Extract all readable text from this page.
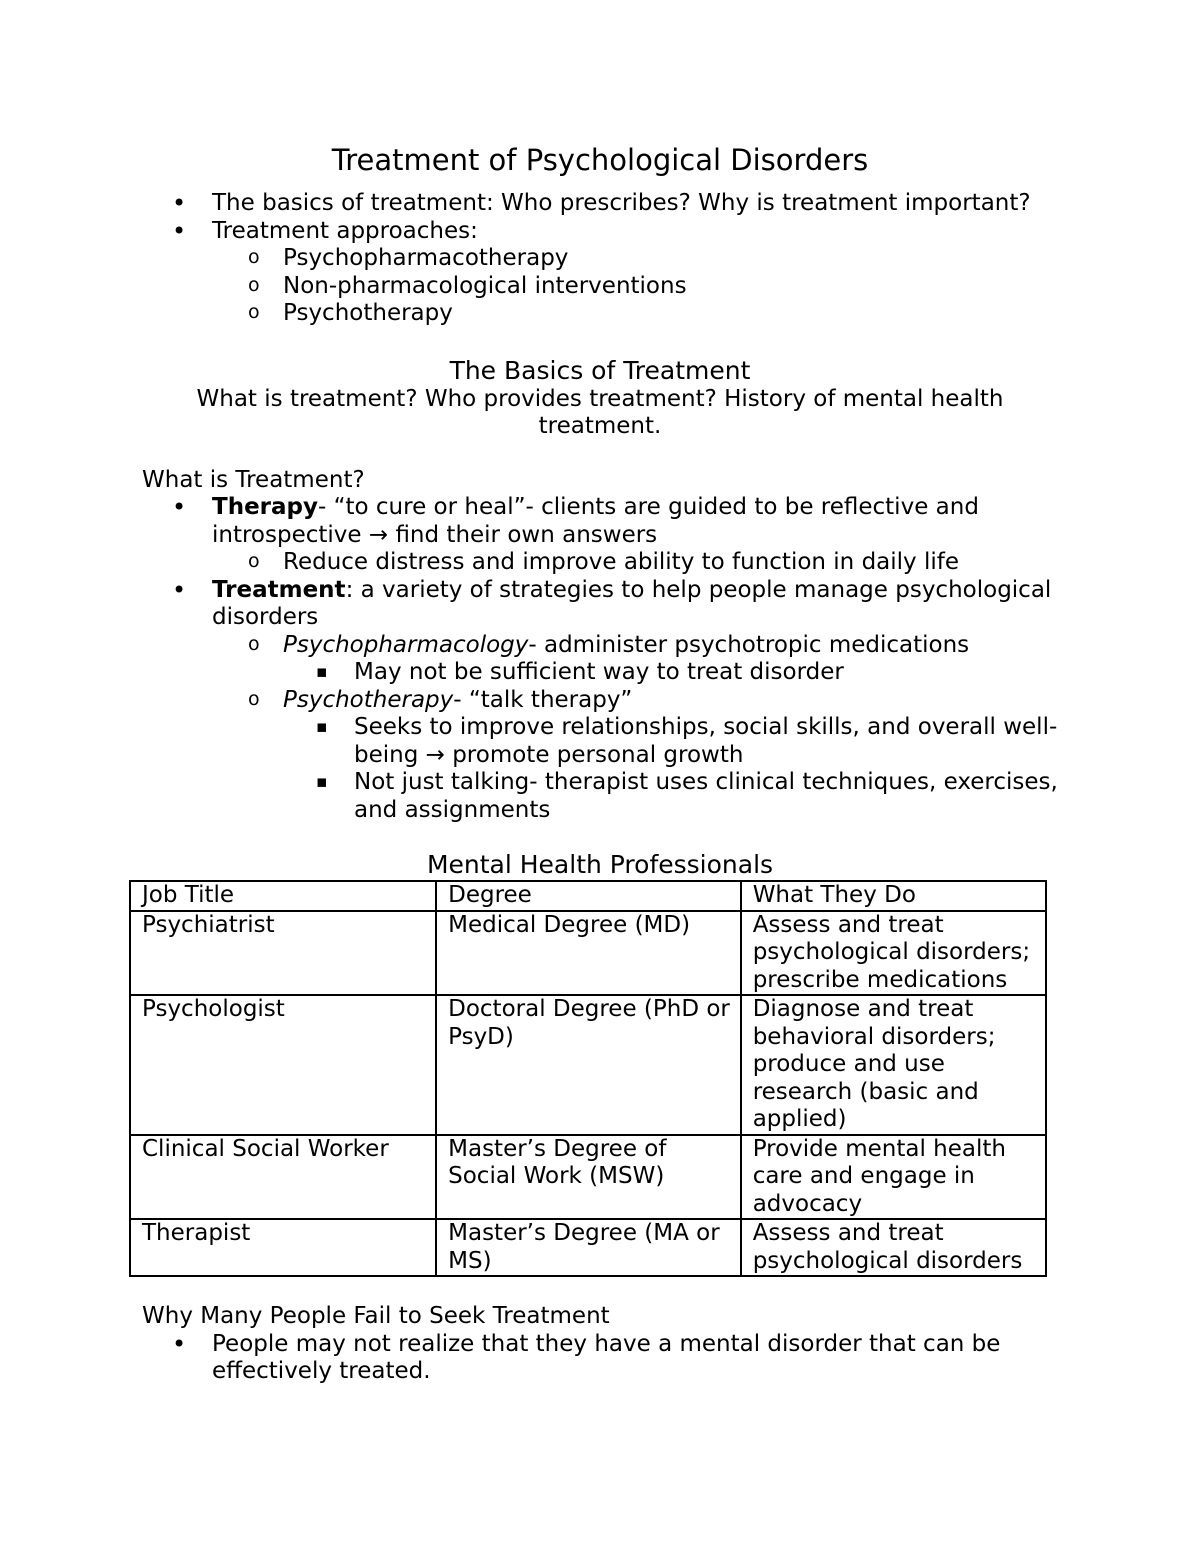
Treatment of Psychological Disorders
• The basics of treatment: Who prescribes? Why is treatment important?
• Treatment approaches:
o Psychopharmacotherapy
o Non-pharmacological interventions
o Psychotherapy
The Basics of Treatment
What is treatment? Who provides treatment? History of mental health treatment.
What is Treatment?
• Therapy- “to cure or heal”- clients are guided to be reflective and introspective → find their own answers
o Reduce distress and improve ability to function in daily life
• Treatment: a variety of strategies to help people manage psychological disorders
o Psychopharmacology- administer psychotropic medications
▪ May not be sufficient way to treat disorder
o Psychotherapy- “talk therapy”
▪ Seeks to improve relationships, social skills, and overall well-being → promote personal growth
▪ Not just talking- therapist uses clinical techniques, exercises, and assignments
Mental Health Professionals
Job Title	Degree	What They Do
Psychiatrist	Medical Degree (MD)	Assess and treat psychological disorders; prescribe medications
Psychologist	Doctoral Degree (PhD or PsyD)	Diagnose and treat behavioral disorders; produce and use research (basic and applied)
Clinical Social Worker	Master’s Degree of Social Work (MSW)	Provide mental health care and engage in advocacy
Therapist	Master’s Degree (MA or MS)	Assess and treat psychological disorders
Why Many People Fail to Seek Treatment
• People may not realize that they have a mental disorder that can be effectively treated.
